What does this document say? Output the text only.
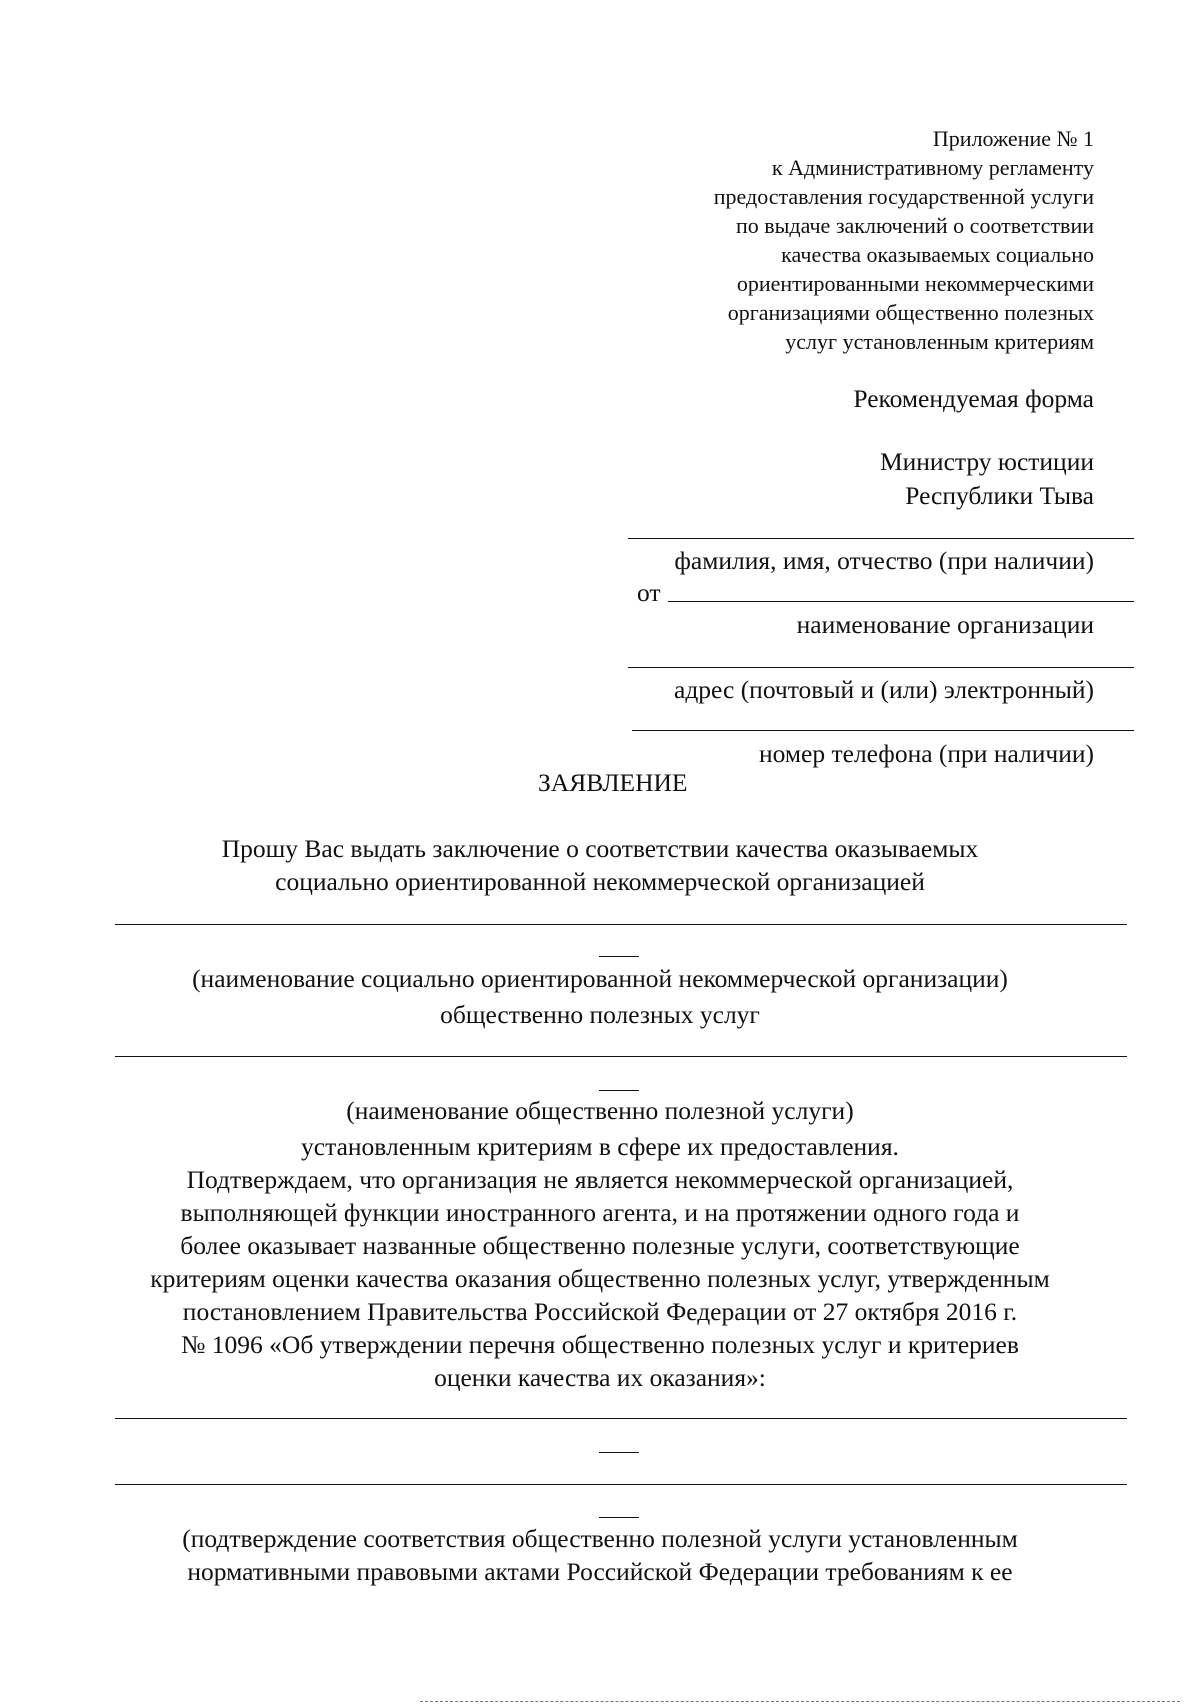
Приложение № 1
к Административному регламенту
предоставления государственной услуги
по выдаче заключений о соответствии
качества оказываемых социально
ориентированными некоммерческими
организациями общественно полезных
услуг установленным критериям
Рекомендуемая форма
Министру юстиции
Республики Тыва
фамилия, имя, отчество (при наличии)
от
наименование организации
адрес (почтовый и (или) электронный)
номер телефона (при наличии)
ЗАЯВЛЕНИЕ
Прошу Вас выдать заключение о соответствии качества оказываемых
социально ориентированной некоммерческой организацией
(наименование социально ориентированной некоммерческой организации)
общественно полезных услуг
(наименование общественно полезной услуги)
установленным критериям в сфере их предоставления.
Подтверждаем, что организация не является некоммерческой организацией,
выполняющей функции иностранного агента, и на протяжении одного года и
более оказывает названные общественно полезные услуги, соответствующие
критериям оценки качества оказания общественно полезных услуг, утвержденным
постановлением Правительства Российской Федерации от 27 октября 2016 г.
№ 1096 «Об утверждении перечня общественно полезных услуг и критериев
оценки качества их оказания»:
(подтверждение соответствия общественно полезной услуги установленным
нормативными правовыми актами Российской Федерации требованиям к ее
